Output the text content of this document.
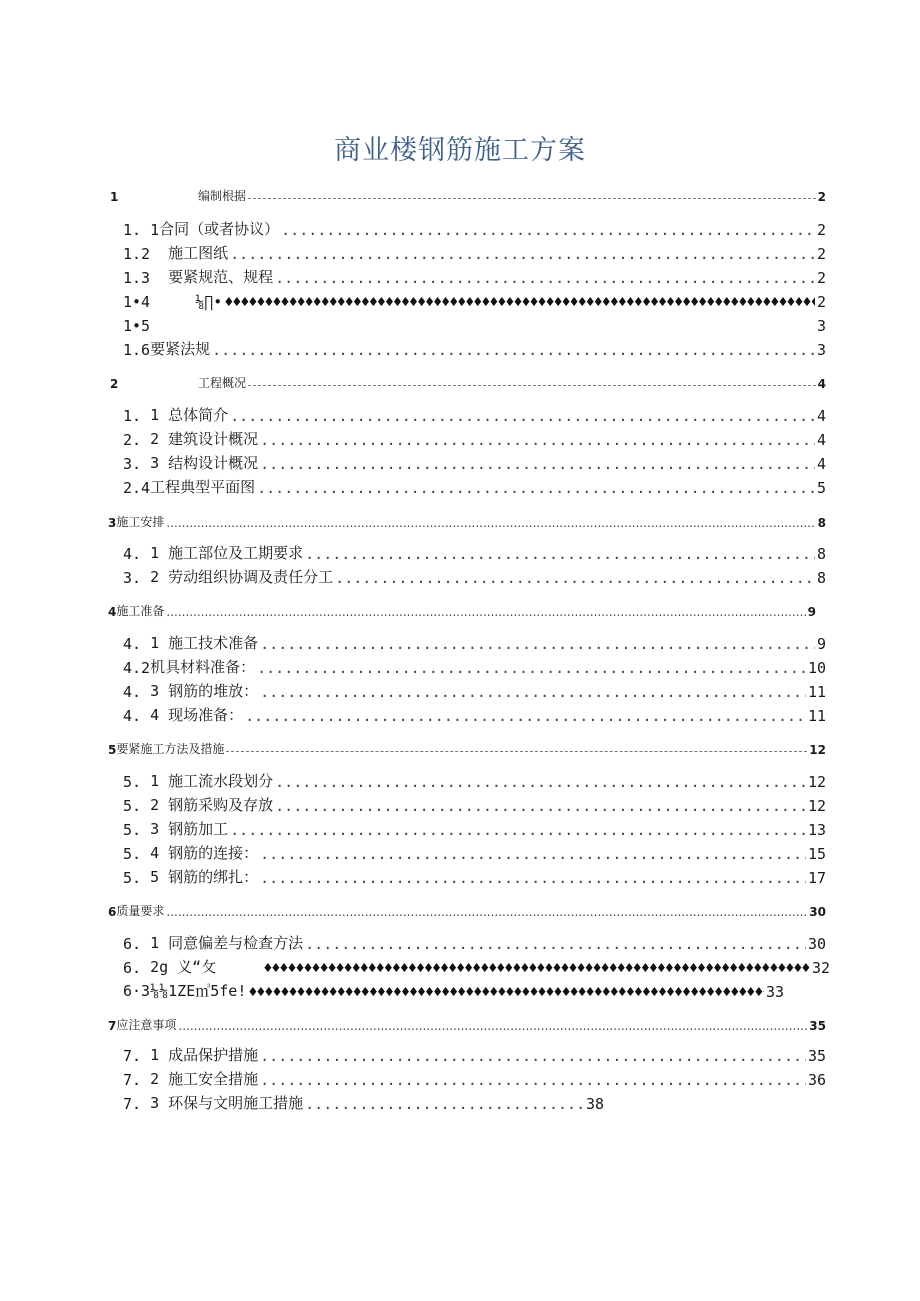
商业楼钢筋施工方案
1	编制根据	2
1. 1 合同（或者协议） .....	2
1.2 施工图纸 .....	2
1.3 要紧规范、规程 .....	2
1•4 ⅛∏• ♦♦♦♦♦♦♦♦♦♦♦♦♦♦♦♦♦♦♦♦♦♦♦♦♦♦♦♦♦♦♦♦♦♦♦♦♦♦♦♦♦♦♦♦♦♦♦♦♦♦♦♦♦♦♦♦♦♦♦♦♦♦♦♦♦♦♦♦♦♦♦♦♦♦♦♦♦♦♦♦♦♦♦♦♦♦♦♦♦♦	2
1•5	3
1.6 要紧法规 .....	3
2	工程概况	4
1. 1 总体简介 .....	4
2. 2 建筑设计概况 .....	4
3. 3 结构设计概况 .....	4
2.4 工程典型平面图 .....	5
3 施工安排 .....	8
4. 1 施工部位及工期要求 .....	8
3. 2 劳动组织协调及责任分工 .....	8
4 施工准备 .....	9
4. 1 施工技术准备 .....	9
4.2 机具材料准备： .....	10
4. 3 钢筋的堆放： .....	11
4. 4 现场准备： .....	11
5 要紧施工方法及措施	12
5. 1 施工流水段划分 .....	12
5. 2 钢筋采购及存放 .....	12
5. 3 钢筋加工 .....	13
5. 4 钢筋的连接： .....	15
5. 5 钢筋的绑扎： .....	17
6 质量要求 .....	30
6. 1 同意偏差与检查方法 .....	30
6. 2g 义“攵 ♦♦♦♦♦♦♦♦♦♦♦♦♦♦♦♦♦♦♦♦♦♦♦♦♦♦♦♦♦♦♦♦♦♦♦♦♦♦♦♦♦♦♦♦♦♦♦♦♦♦♦♦♦♦♦♦♦♦♦♦♦♦♦♦♦♦♦♦♦♦♦♦♦♦♦♦♦♦♦♦♦♦♦♦♦♦♦♦♦♦	32
6·3⅛⅛1ZE㎥5fe! ♦♦♦♦♦♦♦♦♦♦♦♦♦♦♦♦♦♦♦♦♦♦♦♦♦♦♦♦♦♦♦♦♦♦♦♦♦♦♦♦♦♦♦♦♦♦♦♦♦♦♦♦♦♦♦♦♦♦♦♦♦♦♦♦♦♦♦♦♦♦♦♦♦♦♦♦♦♦♦♦♦♦♦♦♦♦♦♦♦♦	33
7 应注意事项 .....	35
7. 1 成品保护措施 .....	35
7. 2 施工安全措施 .....	36
7. 3 环保与文明施工措施 .....	38
